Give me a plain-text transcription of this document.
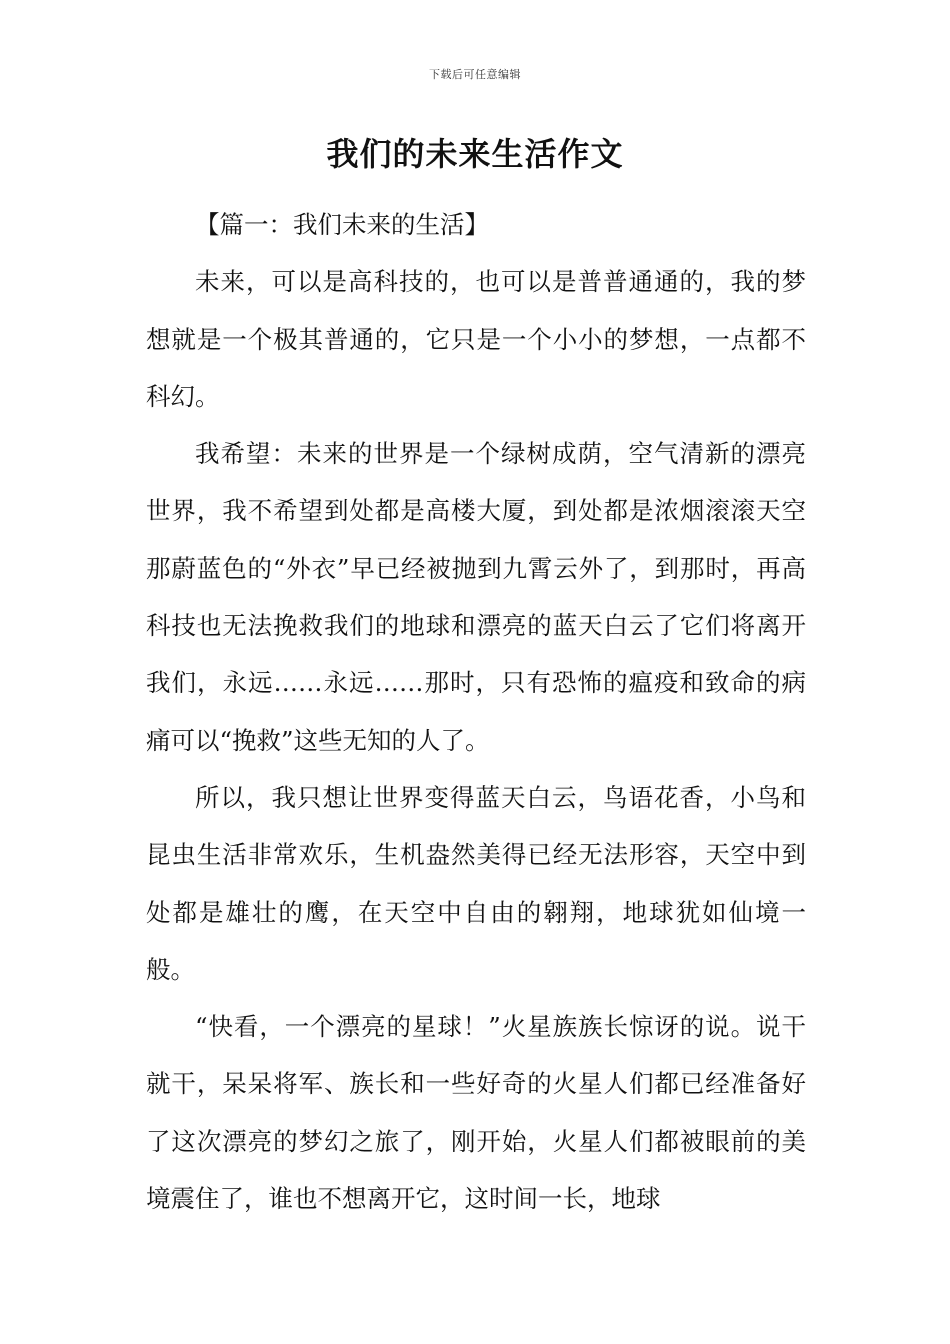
下载后可任意编辑
我们的未来生活作文

【篇一：我们未来的生活】

未来，可以是高科技的，也可以是普普通通的，我的梦想就是一个极其普通的，它只是一个小小的梦想，一点都不科幻。

我希望：未来的世界是一个绿树成荫，空气清新的漂亮世界，我不希望到处都是高楼大厦，到处都是浓烟滚滚天空那蔚蓝色的“外衣”早已经被抛到九霄云外了，到那时，再高科技也无法挽救我们的地球和漂亮的蓝天白云了它们将离开我们，永远……永远……那时，只有恐怖的瘟疫和致命的病痛可以“挽救”这些无知的人了。

所以，我只想让世界变得蓝天白云，鸟语花香，小鸟和昆虫生活非常欢乐，生机盎然美得已经无法形容，天空中到处都是雄壮的鹰，在天空中自由的翱翔，地球犹如仙境一般。

“快看，一个漂亮的星球！”火星族族长惊讶的说。说干就干，呆呆将军、族长和一些好奇的火星人们都已经准备好了这次漂亮的梦幻之旅了，刚开始，火星人们都被眼前的美境震住了，谁也不想离开它，这时间一长，地球
